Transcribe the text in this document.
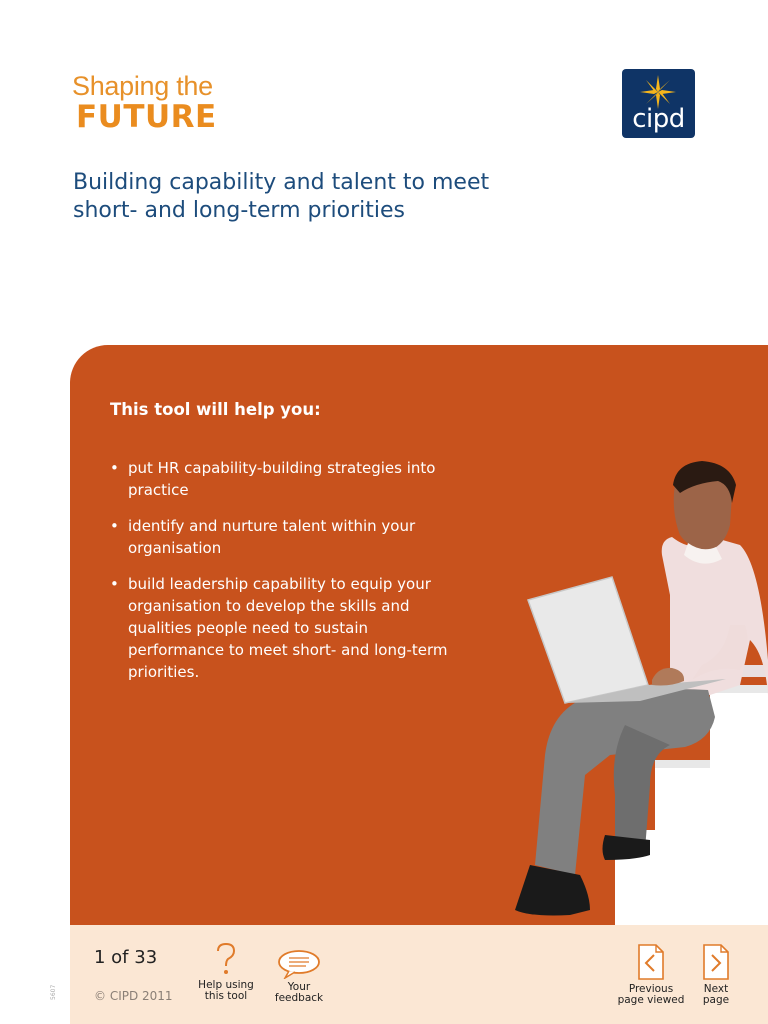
Shaping the
FUTURE	cipd
Building capability and talent to meet short- and long-term priorities
This tool will help you:
• put HR capability-building strategies into practice
• identify and nurture talent within your organisation
• build leadership capability to equip your organisation to develop the skills and qualities people need to sustain performance to meet short- and long-term priorities.
1 of 33
© CIPD 2011
Help using
this tool
Your
feedback
Previous
page viewed
Next
page
5607
